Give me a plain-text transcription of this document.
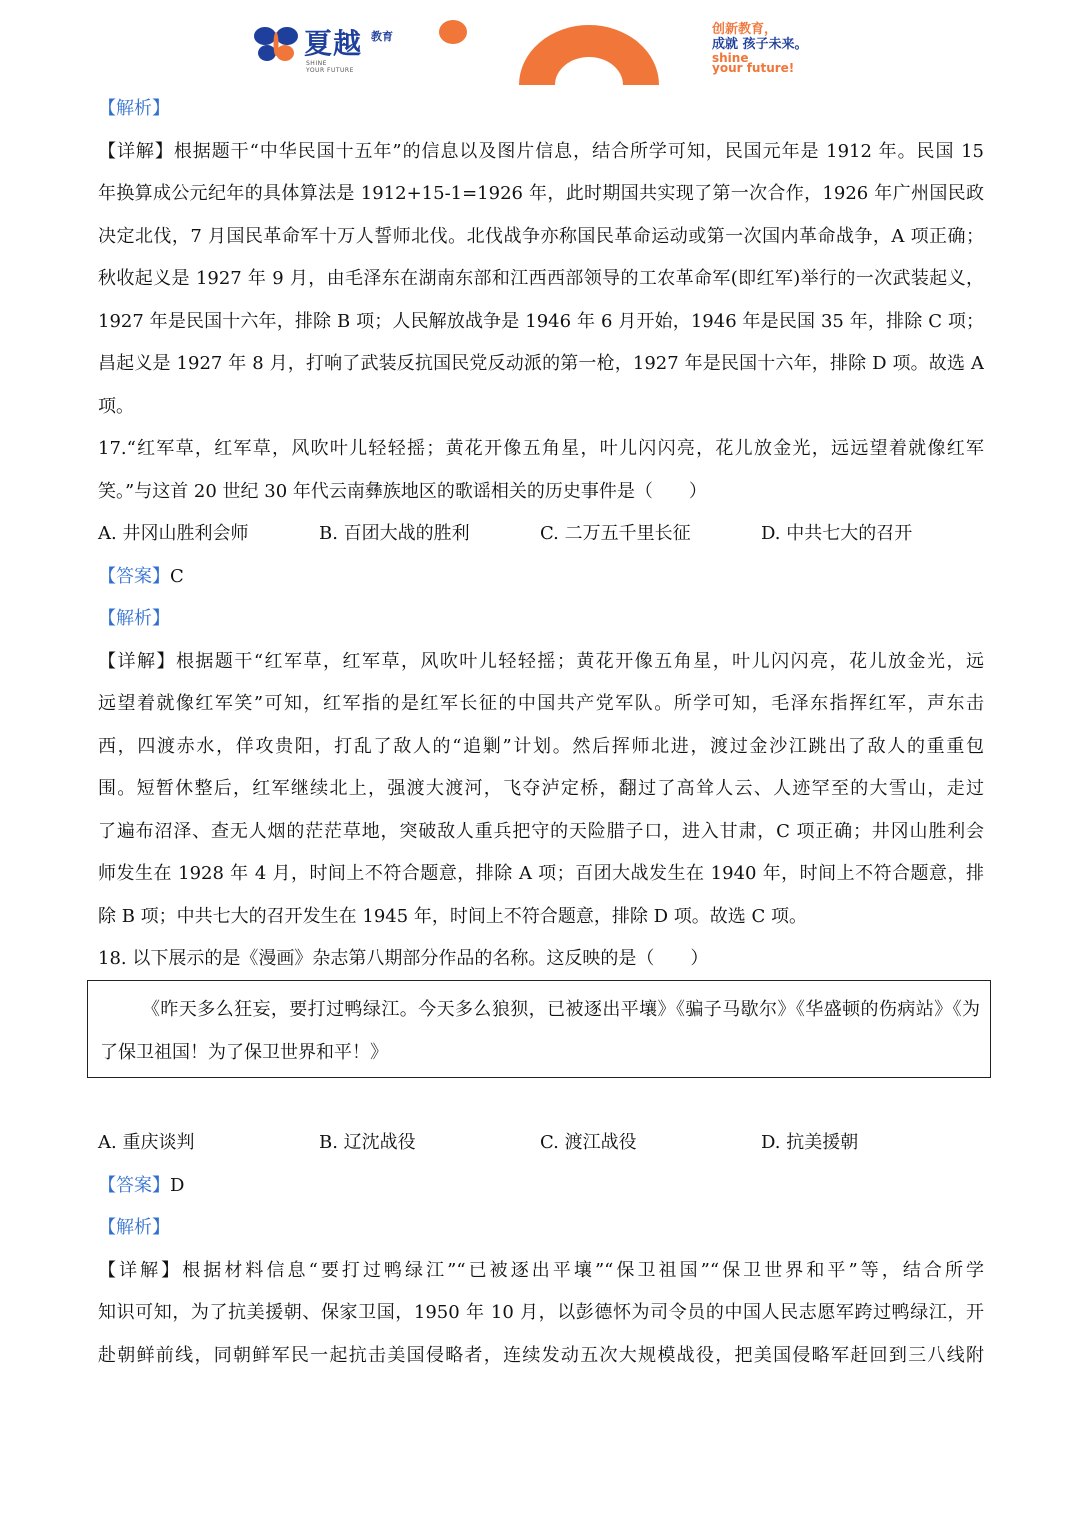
夏越 教育
SHINE
YOUR FUTURE
创新教育，
成就 孩子未来。
shine
your future!
【解析】
【详解】根据题干“中华民国十五年”的信息以及图片信息，结合所学可知，民国元年是 1912 年。民国 15
年换算成公元纪年的具体算法是 1912+15-1=1926 年，此时期国共实现了第一次合作，1926 年广州国民政
决定北伐，7 月国民革命军十万人誓师北伐。北伐战争亦称国民革命运动或第一次国内革命战争，A 项正确；
秋收起义是 1927 年 9 月，由毛泽东在湖南东部和江西西部领导的工农革命军(即红军)举行的一次武装起义，
1927 年是民国十六年，排除 B 项；人民解放战争是 1946 年 6 月开始，1946 年是民国 35 年，排除 C 项；
昌起义是 1927 年 8 月，打响了武装反抗国民党反动派的第一枪，1927 年是民国十六年，排除 D 项。故选 A
项。
17.“红军草，红军草，风吹叶儿轻轻摇；黄花开像五角星，叶儿闪闪亮，花儿放金光，远远望着就像红军
笑。”与这首 20 世纪 30 年代云南彝族地区的歌谣相关的历史事件是（　　）
A. 井冈山胜利会师	B. 百团大战的胜利	C. 二万五千里长征	D. 中共七大的召开
【答案】C
【解析】
【详解】根据题干“红军草，红军草，风吹叶儿轻轻摇；黄花开像五角星，叶儿闪闪亮，花儿放金光，远
远望着就像红军笑”可知，红军指的是红军长征的中国共产党军队。所学可知，毛泽东指挥红军，声东击
西，四渡赤水，佯攻贵阳，打乱了敌人的“追剿”计划。然后挥师北进，渡过金沙江跳出了敌人的重重包
围。短暂休整后，红军继续北上，强渡大渡河，飞夺泸定桥，翻过了高耸人云、人迹罕至的大雪山，走过
了遍布沼泽、查无人烟的茫茫草地，突破敌人重兵把守的天险腊子口，进入甘肃，C 项正确；井冈山胜利会
师发生在 1928 年 4 月，时间上不符合题意，排除 A 项；百团大战发生在 1940 年，时间上不符合题意，排
除 B 项；中共七大的召开发生在 1945 年，时间上不符合题意，排除 D 项。故选 C 项。
18. 以下展示的是《漫画》杂志第八期部分作品的名称。这反映的是（　　）
《昨天多么狂妄，要打过鸭绿江。今天多么狼狈，已被逐出平壤》《骗子马歇尔》《华盛顿的伤病站》《为
了保卫祖国！为了保卫世界和平！》
A. 重庆谈判	B. 辽沈战役	C. 渡江战役	D. 抗美援朝
【答案】D
【解析】
【详解】根据材料信息“要打过鸭绿江”“已被逐出平壤”“保卫祖国”“保卫世界和平”等，结合所学
知识可知，为了抗美援朝、保家卫国，1950 年 10 月，以彭德怀为司令员的中国人民志愿军跨过鸭绿江，开
赴朝鲜前线，同朝鲜军民一起抗击美国侵略者，连续发动五次大规模战役，把美国侵略军赶回到三八线附
